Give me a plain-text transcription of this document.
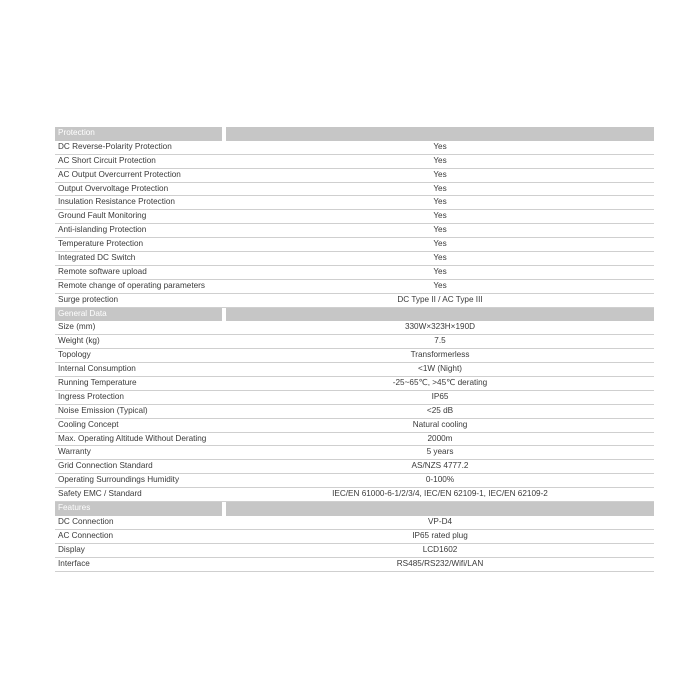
Protection
DC Reverse-Polarity Protection	Yes
AC Short Circuit Protection	Yes
AC Output Overcurrent Protection	Yes
Output Overvoltage Protection	Yes
Insulation Resistance Protection	Yes
Ground Fault Monitoring	Yes
Anti-islanding Protection	Yes
Temperature Protection	Yes
Integrated DC Switch	Yes
Remote software upload	Yes
Remote change of operating parameters	Yes
Surge protection	DC Type II / AC Type III
General Data
Size (mm)	330W×323H×190D
Weight (kg)	7.5
Topology	Transformerless
Internal Consumption	<1W (Night)
Running Temperature	-25~65℃, >45℃ derating
Ingress Protection	IP65
Noise Emission (Typical)	<25 dB
Cooling Concept	Natural cooling
Max. Operating Altitude Without Derating	2000m
Warranty	5 years
Grid Connection Standard	AS/NZS 4777.2
Operating Surroundings Humidity	0-100%
Safety EMC / Standard	IEC/EN 61000-6-1/2/3/4, IEC/EN 62109-1, IEC/EN 62109-2
Features
DC Connection	VP-D4
AC Connection	IP65 rated plug
Display	LCD1602
Interface	RS485/RS232/Wifi/LAN
